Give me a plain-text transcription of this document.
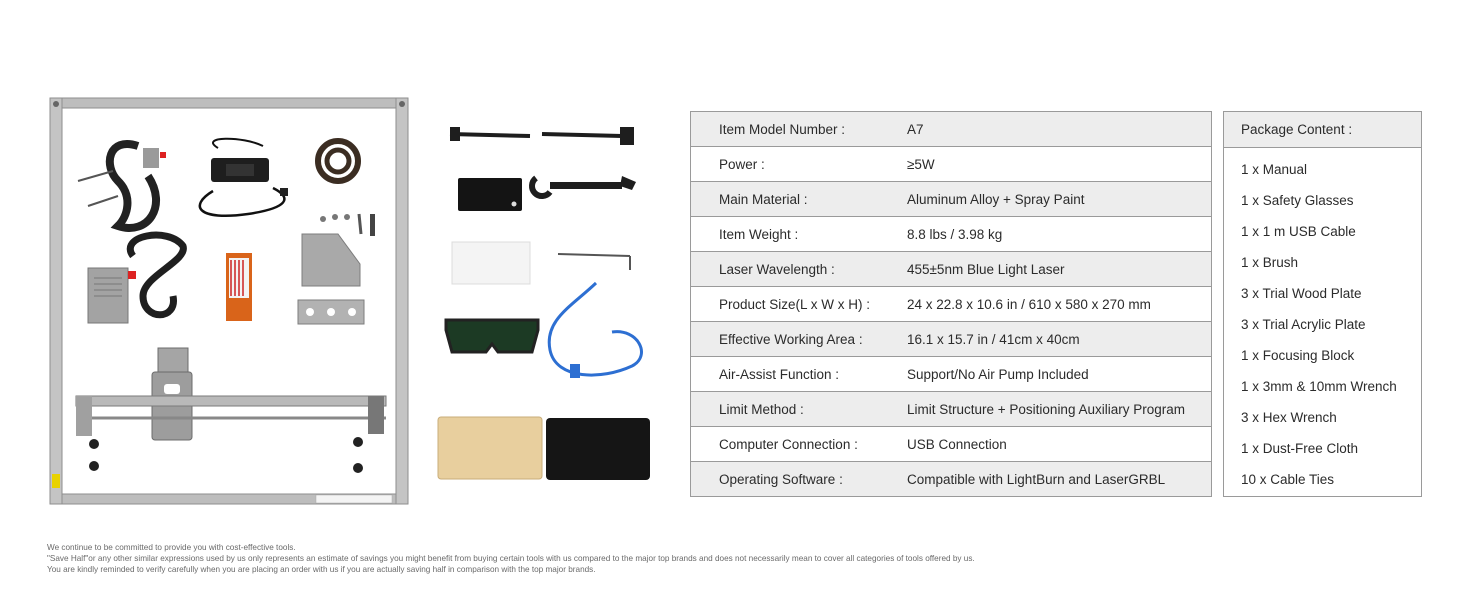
Item Model Number :	A7
Power :	≥5W
Main Material :	Aluminum Alloy + Spray Paint
Item Weight :	8.8 lbs / 3.98 kg
Laser Wavelength :	455±5nm Blue Light Laser
Product Size(L x W x H) :	24 x 22.8 x 10.6 in / 610 x 580 x 270 mm
Effective Working Area :	16.1 x 15.7 in / 41cm x 40cm
Air-Assist Function :	Support/No Air Pump Included
Limit Method :	Limit Structure + Positioning Auxiliary Program
Computer Connection :	USB Connection
Operating Software :	Compatible with LightBurn and LaserGRBL
Package Content :
1 x Manual
1 x Safety Glasses
1 x 1 m USB Cable
1 x Brush
3 x Trial Wood Plate
3 x Trial Acrylic Plate
1 x Focusing Block
1 x 3mm & 10mm Wrench
3 x Hex Wrench
1 x Dust-Free Cloth
10 x Cable Ties
We continue to be committed to provide you with cost-effective tools.
"Save Half"or any other similar expressions used by us only represents an estimate of savings you might benefit from buying certain tools with us compared to the major top brands and does not necessarily mean to cover all categories of tools offered by us.
You are kindly reminded to verify carefully when you are placing an order with us if you are actually saving half in comparison with the top major brands.
